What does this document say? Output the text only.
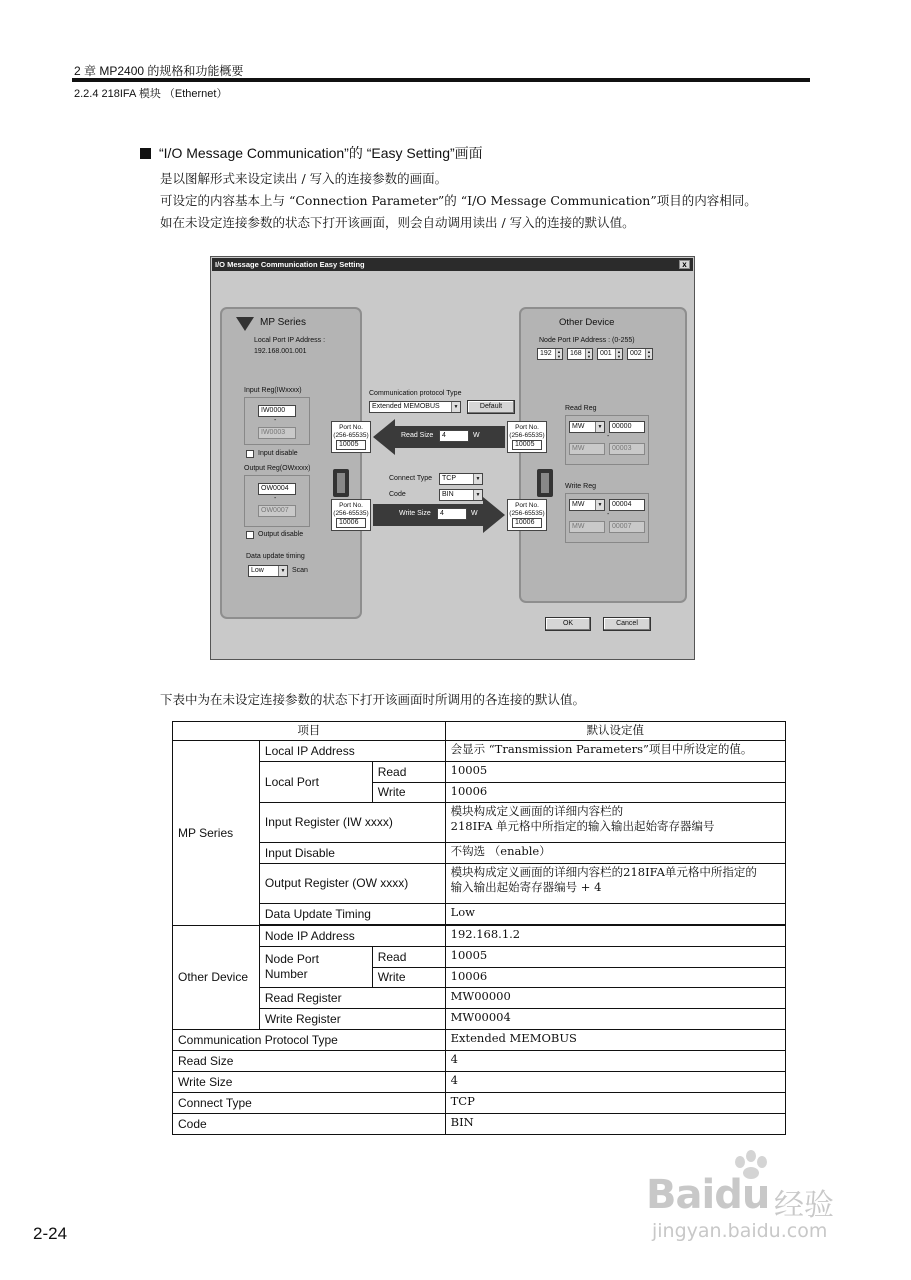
2 章 MP2400 的规格和功能概要
2.2.4 218IFA 模块 （Ethernet）
“I/O Message Communication”的 “Easy Setting”画面
是以图解形式来设定读出 / 写入的连接参数的画面。
可设定的内容基本上与 “Connection Parameter”的 “I/O Message Communication”项目的内容相同。
如在未设定连接参数的状态下打开该画面，则会自动调用读出 / 写入的连接的默认值。
I/O Message Communication Easy Setting	x
MP Series
Local Port IP Address :
192.168.001.001
Input Reg(IWxxxx)
IW0000
-
IW0003
Input disable
Output Reg(OWxxxx)
OW0004
-
OW0007
Output disable
Data update timing
Low	▼ Scan
Other Device
Node Port IP Address : (0-255)
192	▲
▼	168	▲
▼	001	▲
▼	002	▲
▼
Read Reg
MW	▼	00000
-
MW	00003
Write Reg
MW	▼	00004
-
MW	00007
Communication protocol Type
Extended MEMOBUS	▼	Default
Port No.
(256-65535)
10005
Port No.
(256-65535)
10006
Port No.
(256-65535)
10005
Port No.
(256-65535)
10006
Read Size	4	W
Write Size	4	W
Connect Type	TCP	▼
Code	BIN	▼
OK	Cancel
下表中为在未设定连接参数的状态下打开该画面时所调用的各连接的默认值。
项目			默认设定值
MP Series	Local IP Address		会显示 “Transmission Parameters”项目中所设定的值。
	Local Port	Read	10005
		Write	10006
	Input Register (IW xxxx)		模块构成定义画面的详细内容栏的
218IFA 单元格中所指定的输入输出起始寄存器编号

	Input Disable		不钩选 （enable）
	Output Register (OW xxxx)		模块构成定义画面的详细内容栏的218IFA单元格中所指定的
输入输出起始寄存器编号 + 4

	Data Update Timing		Low

Other Device	Node IP Address		192.168.1.2

	Node Port
Number	Read	10005
		Write	10006
	Read Register		MW00000
	Write Register		MW00004
Communication Protocol Type			Extended MEMOBUS
Read Size			4
Write Size			4
Connect Type			TCP
Code			BIN
2-24
Baidu 经验
jingyan.baidu.com
